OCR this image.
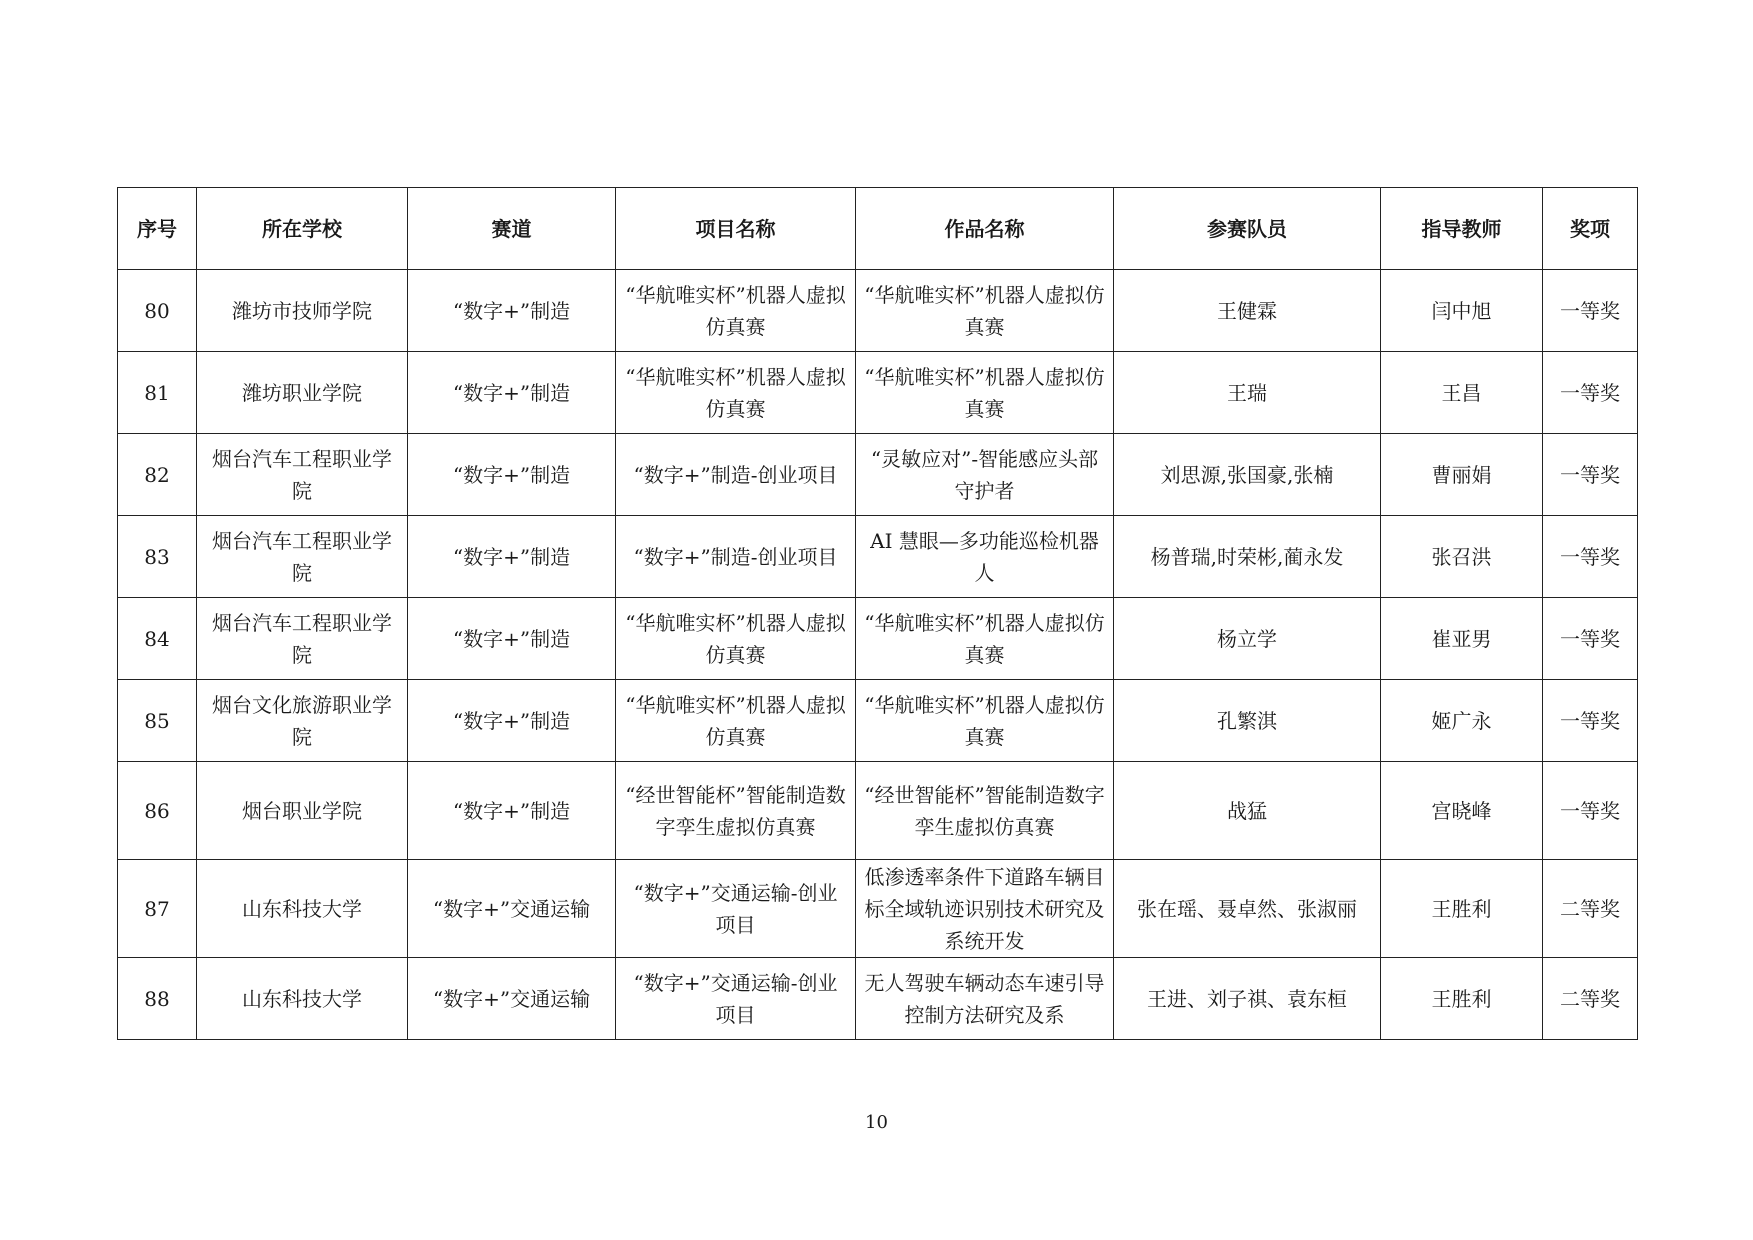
序号	所在学校	赛道	项目名称	作品名称	参赛队员	指导教师	奖项
80	潍坊市技师学院	“数字+”制造	“华航唯实杯”机器人虚拟仿真赛	“华航唯实杯”机器人虚拟仿真赛	王健霖	闫中旭	一等奖
81	潍坊职业学院	“数字+”制造	“华航唯实杯”机器人虚拟仿真赛	“华航唯实杯”机器人虚拟仿真赛	王瑞	王昌	一等奖
82	烟台汽车工程职业学院	“数字+”制造	“数字+”制造-创业项目	“灵敏应对”-智能感应头部守护者	刘思源,张国豪,张楠	曹丽娟	一等奖
83	烟台汽车工程职业学院	“数字+”制造	“数字+”制造-创业项目	AI 慧眼—多功能巡检机器人	杨普瑞,时荣彬,蔺永发	张召洪	一等奖
84	烟台汽车工程职业学院	“数字+”制造	“华航唯实杯”机器人虚拟仿真赛	“华航唯实杯”机器人虚拟仿真赛	杨立学	崔亚男	一等奖
85	烟台文化旅游职业学院	“数字+”制造	“华航唯实杯”机器人虚拟仿真赛	“华航唯实杯”机器人虚拟仿真赛	孔繁淇	姬广永	一等奖
86	烟台职业学院	“数字+”制造	“经世智能杯”智能制造数字孪生虚拟仿真赛	“经世智能杯”智能制造数字孪生虚拟仿真赛	战猛	宫晓峰	一等奖
87	山东科技大学	“数字+”交通运输	“数字+”交通运输-创业项目	低渗透率条件下道路车辆目标全域轨迹识别技术研究及系统开发	张在瑶、聂卓然、张淑丽	王胜利	二等奖
88	山东科技大学	“数字+”交通运输	“数字+”交通运输-创业项目	无人驾驶车辆动态车速引导控制方法研究及系	王进、刘子祺、袁东桓	王胜利	二等奖
10
